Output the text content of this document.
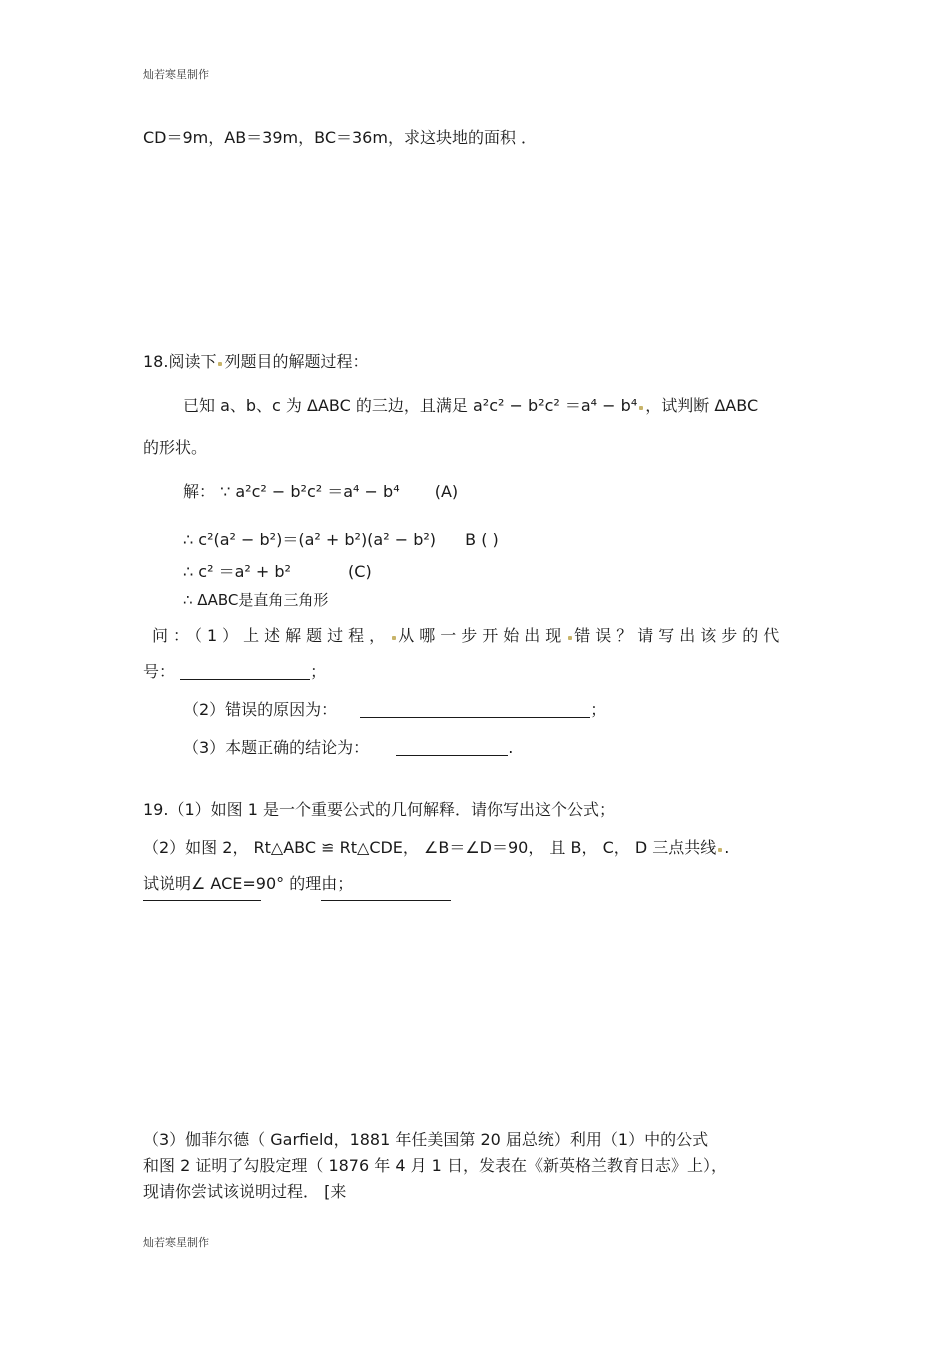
灿若寒星制作
CD＝9m，AB＝39m，BC＝36m，求这块地的面积 ．
18.阅读下 列题目的解题过程：
已知 a、b、c 为 ΔABC 的三边，且满足 a²c² − b²c² ＝a⁴ − b⁴ ，试判断 ΔABC
的形状。
解： ∵ a²c² − b²c² ＝a⁴ − b⁴ (A)
∴ c²(a² − b²)＝(a² + b²)(a² − b²) B ( )
∴ c² ＝a² + b²	(C)
∴ ΔABC是直角三角形
问：（1）上述解题过程， 从哪一步开始出现 错误？请写出该步的代
号：	；
（2）错误的原因为：	；
（3）本题正确的结论为：	.
19.（1）如图 1 是一个重要公式的几何解释．请你写出这个公式；
（2）如图 2， Rt△ABC ≌ Rt△CDE， ∠B＝∠D＝90， 且 B， C， D 三点共线 .
试说明∠ ACE=90° 的理由；
（3）伽菲尔德（ Garfield，1881 年任美国第 20 届总统）利用（1）中的公式
和图 2 证明了勾股定理（ 1876 年 4 月 1 日，发表在《新英格兰教育日志》上），
现请你尝试该说明过程． [来
灿若寒星制作
